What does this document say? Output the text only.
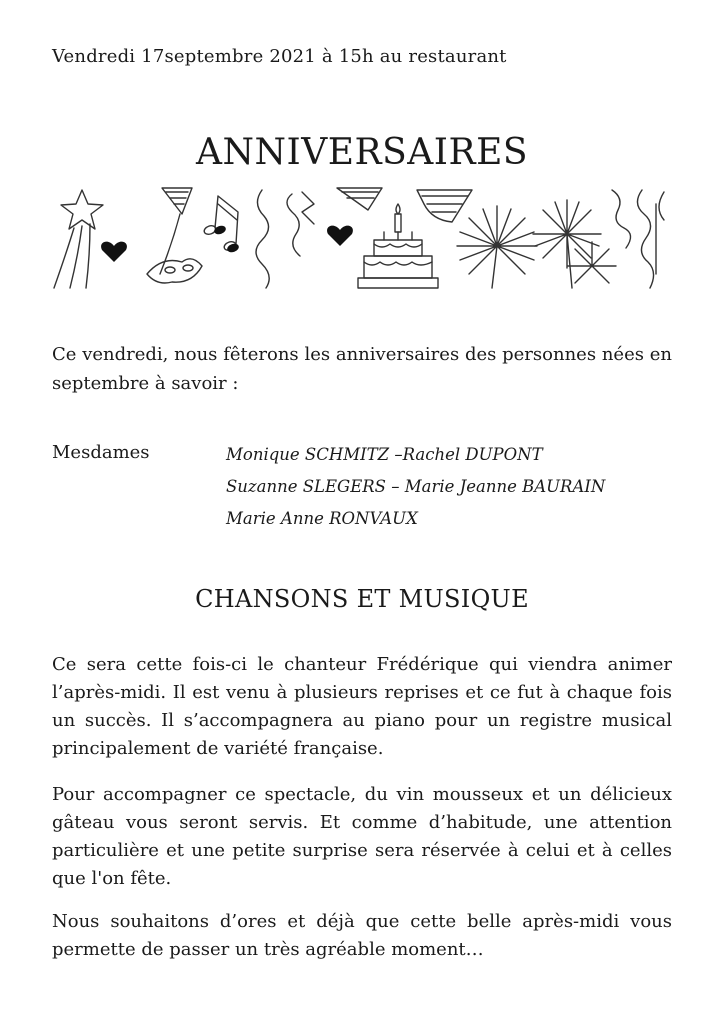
Vendredi 17septembre 2021 à 15h au restaurant
ANNIVERSAIRES

Ce vendredi, nous fêterons les anniversaires des personnes nées en septembre à savoir :

Mesdames	Monique SCHMITZ –Rachel DUPONT
Suzanne SLEGERS – Marie Jeanne BAURAIN
Marie Anne RONVAUX
CHANSONS ET MUSIQUE

Ce sera cette fois-ci le chanteur Frédérique qui viendra animer l’après-midi. Il est venu à plusieurs reprises et ce fut à chaque fois un succès. Il s’accompagnera au piano pour un registre musical principalement de variété française.

Pour accompagner ce spectacle, du vin mousseux et un délicieux gâteau vous seront servis. Et comme d’habitude, une attention particulière et une petite surprise sera réservée à celui et à celles que l'on fête.

Nous souhaitons d’ores et déjà que cette belle après-midi vous permette de passer un très agréable moment…
